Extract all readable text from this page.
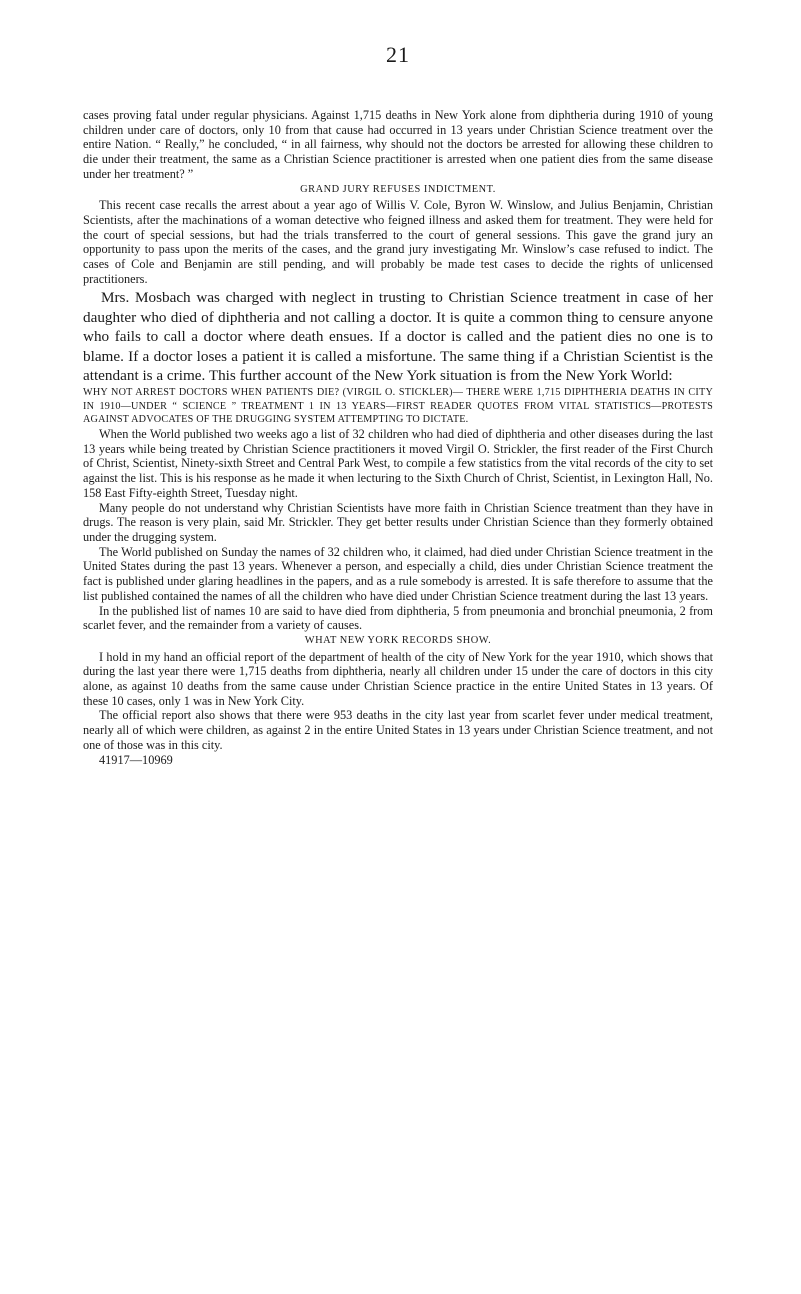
21

cases proving fatal under regular physicians. Against 1,715 deaths in New York alone from diphtheria during 1910 of young children under care of doctors, only 10 from that cause had occurred in 13 years under Christian Science treatment over the entire Nation. “ Really,” he concluded, “ in all fairness, why should not the doctors be arrested for allowing these children to die under their treatment, the same as a Christian Science practitioner is arrested when one patient dies from the same disease under her treatment? ”

GRAND JURY REFUSES INDICTMENT.

This recent case recalls the arrest about a year ago of Willis V. Cole, Byron W. Winslow, and Julius Benjamin, Christian Scientists, after the machinations of a woman detective who feigned illness and asked them for treatment. They were held for the court of special sessions, but had the trials transferred to the court of general sessions. This gave the grand jury an opportunity to pass upon the merits of the cases, and the grand jury investigating Mr. Winslow’s case refused to indict. The cases of Cole and Benjamin are still pending, and will probably be made test cases to decide the rights of unlicensed practitioners.

Mrs. Mosbach was charged with neglect in trusting to Christian Science treatment in case of her daughter who died of diphtheria and not calling a doctor. It is quite a common thing to censure anyone who fails to call a doctor where death ensues. If a doctor is called and the patient dies no one is to blame. If a doctor loses a patient it is called a misfortune. The same thing if a Christian Scientist is the attendant is a crime. This further account of the New York situation is from the New York World:

WHY NOT ARREST DOCTORS WHEN PATIENTS DIE? (VIRGIL O. STICKLER)— THERE WERE 1,715 DIPHTHERIA DEATHS IN CITY IN 1910—UNDER “ SCIENCE ” TREATMENT 1 IN 13 YEARS—FIRST READER QUOTES FROM VITAL STATISTICS—PROTESTS AGAINST ADVOCATES OF THE DRUGGING SYSTEM ATTEMPTING TO DICTATE.

When the World published two weeks ago a list of 32 children who had died of diphtheria and other diseases during the last 13 years while being treated by Christian Science practitioners it moved Virgil O. Strickler, the first reader of the First Church of Christ, Scientist, Ninety-sixth Street and Central Park West, to compile a few statistics from the vital records of the city to set against the list. This is his response as he made it when lecturing to the Sixth Church of Christ, Scientist, in Lexington Hall, No. 158 East Fifty-eighth Street, Tuesday night.

Many people do not understand why Christian Scientists have more faith in Christian Science treatment than they have in drugs. The reason is very plain, said Mr. Strickler. They get better results under Christian Science than they formerly obtained under the drugging system.

The World published on Sunday the names of 32 children who, it claimed, had died under Christian Science treatment in the United States during the past 13 years. Whenever a person, and especially a child, dies under Christian Science treatment the fact is published under glaring headlines in the papers, and as a rule somebody is arrested. It is safe therefore to assume that the list published contained the names of all the children who have died under Christian Science treatment during the last 13 years.

In the published list of names 10 are said to have died from diphtheria, 5 from pneumonia and bronchial pneumonia, 2 from scarlet fever, and the remainder from a variety of causes.

WHAT NEW YORK RECORDS SHOW.

I hold in my hand an official report of the department of health of the city of New York for the year 1910, which shows that during the last year there were 1,715 deaths from diphtheria, nearly all children under 15 under the care of doctors in this city alone, as against 10 deaths from the same cause under Christian Science practice in the entire United States in 13 years. Of these 10 cases, only 1 was in New York City.

The official report also shows that there were 953 deaths in the city last year from scarlet fever under medical treatment, nearly all of which were children, as against 2 in the entire United States in 13 years under Christian Science treatment, and not one of those was in this city.

41917—10969
